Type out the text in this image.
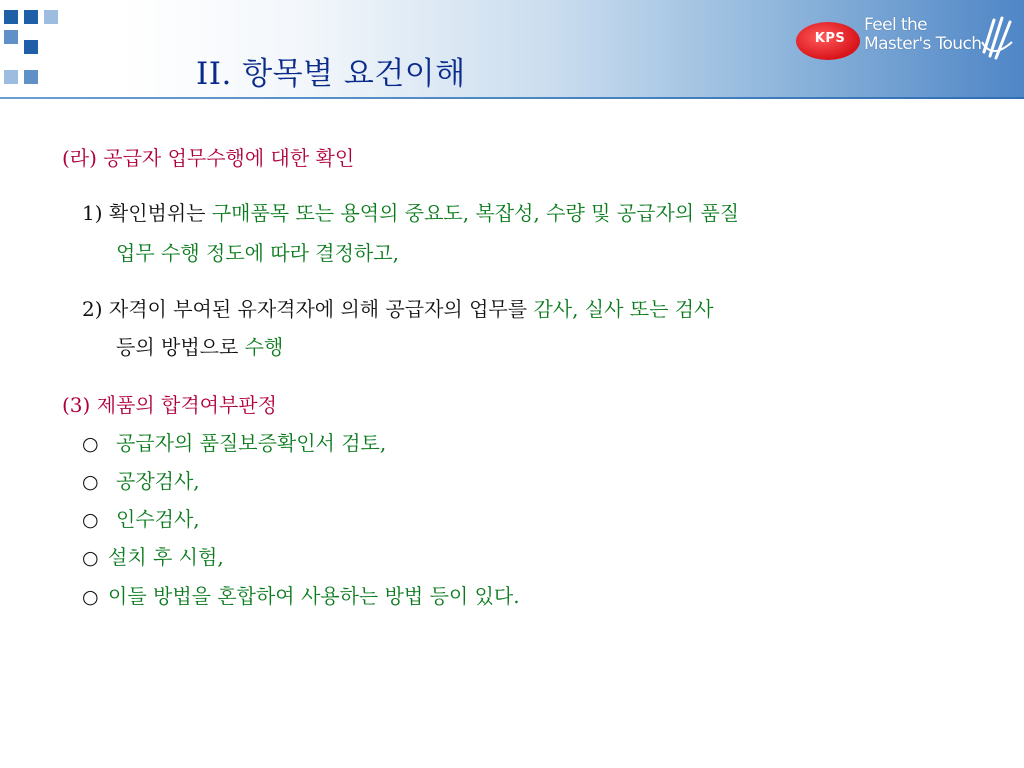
II. 항목별 요건이해
KPS
Feel the
Master's Touch
(라) 공급자 업무수행에 대한 확인
1) 확인범위는 구매품목 또는 용역의 중요도, 복잡성, 수량 및 공급자의 품질
업무 수행 정도에 따라 결정하고,
2) 자격이 부여된 유자격자에 의해 공급자의 업무를 감사, 실사 또는 검사
등의 방법으로 수행
(3) 제품의 합격여부판정
○ 공급자의 품질보증확인서 검토,
○ 공장검사,
○ 인수검사,
○ 설치 후 시험,
○ 이들 방법을 혼합하여 사용하는 방법 등이 있다.
